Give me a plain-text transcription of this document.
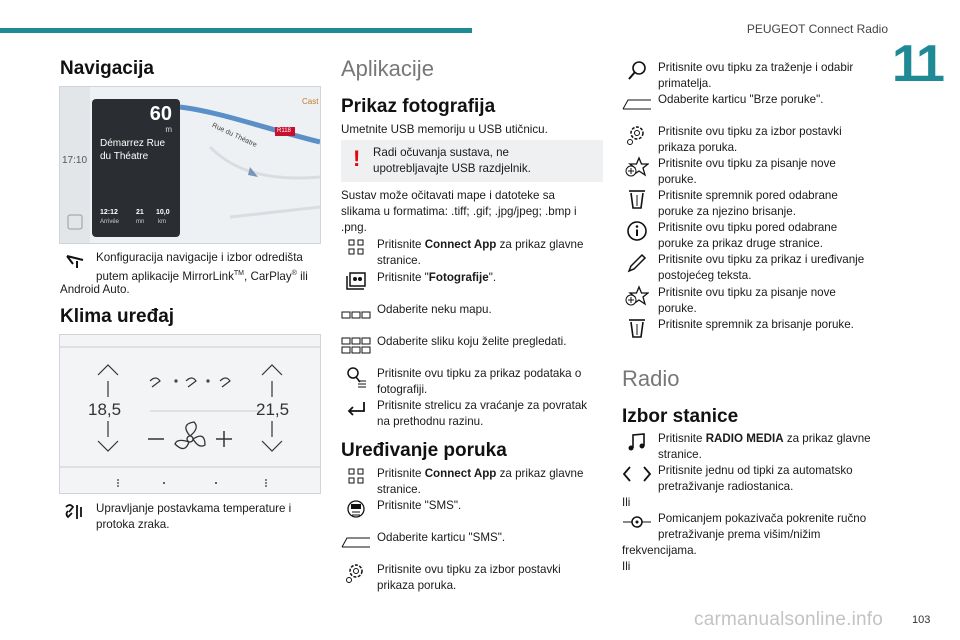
PEUGEOT Connect Radio
11
Navigacija
17:10
Cast
Rue du Théatre	R118
60
m
Démarrez Rue du Théatre
12:12
Arrivée
21
mn
10,0
km
Konfiguracija navigacije i izbor odredišta
putem aplikacije MirrorLink™, CarPlay® ili
Android Auto.
Klima uređaj
18,5	21,5
Upravljanje postavkama temperature i
protoka zraka.
Aplikacije
Prikaz fotografija
Umetnite USB memoriju u USB utičnicu.
! Radi očuvanja sustava, ne
upotrebljavajte USB razdjelnik.
Sustav može očitavati mape i datoteke sa
slikama u formatima: .tiff; .gif; .jpg/jpeg; .bmp i
.png.
Pritisnite Connect App za prikaz glavne
stranice.
Pritisnite "Fotografije".
Odaberite neku mapu.
Odaberite sliku koju želite pregledati.
Pritisnite ovu tipku za prikaz podataka o
fotografiji.
Pritisnite strelicu za vraćanje za povratak
na prethodnu razinu.
Uređivanje poruka
Pritisnite Connect App za prikaz glavne
stranice.
Pritisnite "SMS".
Odaberite karticu "SMS".
Pritisnite ovu tipku za izbor postavki
prikaza poruka.
Pritisnite ovu tipku za traženje i odabir
primatelja.
Odaberite karticu "Brze poruke".
Pritisnite ovu tipku za izbor postavki
prikaza poruka.
Pritisnite ovu tipku za pisanje nove
poruke.
Pritisnite spremnik pored odabrane
poruke za njezino brisanje.
Pritisnite ovu tipku pored odabrane
poruke za prikaz druge stranice.
Pritisnite ovu tipku za prikaz i uređivanje
postojećeg teksta.
Pritisnite ovu tipku za pisanje nove
poruke.
Pritisnite spremnik za brisanje poruke.
Radio
Izbor stanice
Pritisnite RADIO MEDIA za prikaz glavne
stranice.
Pritisnite jednu od tipki za automatsko
pretraživanje radiostanica.
Ili
Pomicanjem pokazivača pokrenite ručno
pretraživanje prema višim/nižim
frekvencijama.
Ili
carmanualsonline.info	103
